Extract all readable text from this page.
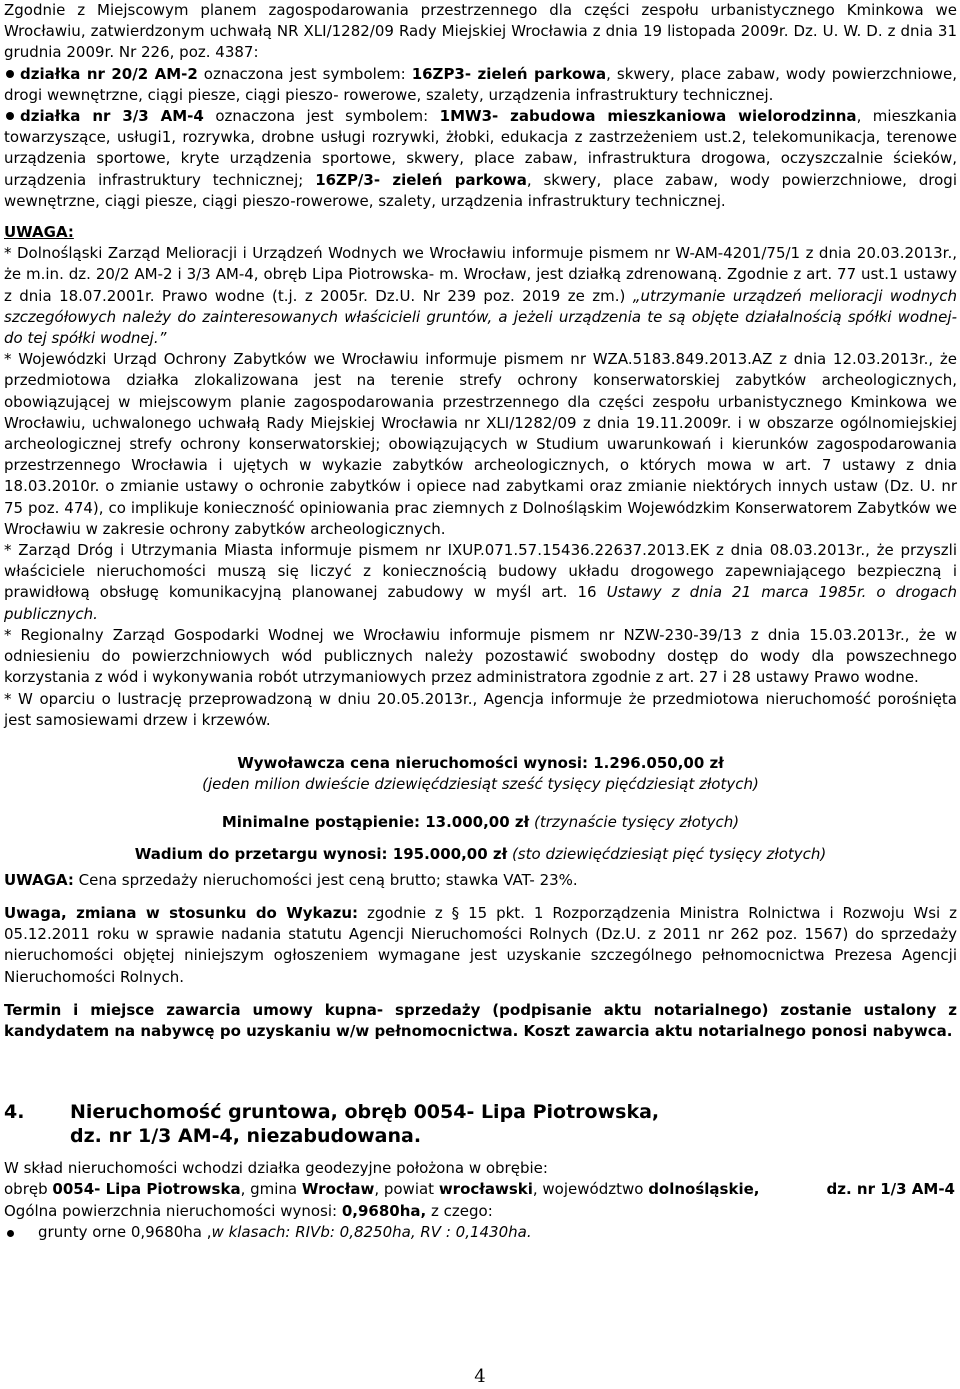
Zgodnie z Miejscowym planem zagospodarowania przestrzennego dla części zespołu urbanistycznego Kminkowa we Wrocławiu, zatwierdzonym uchwałą NR XLI/1282/09 Rady Miejskiej Wrocławia z dnia 19 listopada 2009r. Dz. U. W. D. z dnia 31 grudnia 2009r. Nr 226, poz. 4387:

działka nr 20/2 AM-2 oznaczona jest symbolem: 16ZP3- zieleń parkowa, skwery, place zabaw, wody powierzchniowe, drogi wewnętrzne, ciągi piesze, ciągi pieszo- rowerowe, szalety, urządzenia infrastruktury technicznej.

działka nr 3/3 AM-4 oznaczona jest symbolem: 1MW3- zabudowa mieszkaniowa wielorodzinna, mieszkania towarzyszące, usługi1, rozrywka, drobne usługi rozrywki, żłobki, edukacja z zastrzeżeniem ust.2, telekomunikacja, terenowe urządzenia sportowe, kryte urządzenia sportowe, skwery, place zabaw, infrastruktura drogowa, oczyszczalnie ścieków, urządzenia infrastruktury technicznej; 16ZP/3- zieleń parkowa, skwery, place zabaw, wody powierzchniowe, drogi wewnętrzne, ciągi piesze, ciągi pieszo-rowerowe, szalety, urządzenia infrastruktury technicznej.

UWAGA:

* Dolnośląski Zarząd Melioracji i Urządzeń Wodnych we Wrocławiu informuje pismem nr W-AM-4201/75/1 z dnia 20.03.2013r., że m.in. dz. 20/2 AM-2 i 3/3 AM-4, obręb Lipa Piotrowska- m. Wrocław, jest działką zdrenowaną. Zgodnie z art. 77 ust.1 ustawy z dnia 18.07.2001r. Prawo wodne (t.j. z 2005r. Dz.U. Nr 239 poz. 2019 ze zm.) „utrzymanie urządzeń melioracji wodnych szczegółowych należy do zainteresowanych właścicieli gruntów, a jeżeli urządzenia te są objęte działalnością spółki wodnej- do tej spółki wodnej.”

* Wojewódzki Urząd Ochrony Zabytków we Wrocławiu informuje pismem nr WZA.5183.849.2013.AZ z dnia 12.03.2013r., że przedmiotowa działka zlokalizowana jest na terenie strefy ochrony konserwatorskiej zabytków archeologicznych, obowiązującej w miejscowym planie zagospodarowania przestrzennego dla części zespołu urbanistycznego Kminkowa we Wrocławiu, uchwalonego uchwałą Rady Miejskiej Wrocławia nr XLI/1282/09 z dnia 19.11.2009r. i w obszarze ogólnomiejskiej archeologicznej strefy ochrony konserwatorskiej; obowiązujących w Studium uwarunkowań i kierunków zagospodarowania przestrzennego Wrocławia i ujętych w wykazie zabytków archeologicznych, o których mowa w art. 7 ustawy z dnia 18.03.2010r. o zmianie ustawy o ochronie zabytków i opiece nad zabytkami oraz zmianie niektórych innych ustaw (Dz. U. nr 75 poz. 474), co implikuje konieczność opiniowania prac ziemnych z Dolnośląskim Wojewódzkim Konserwatorem Zabytków we Wrocławiu w zakresie ochrony zabytków archeologicznych.

* Zarząd Dróg i Utrzymania Miasta informuje pismem nr IXUP.071.57.15436.22637.2013.EK z dnia 08.03.2013r., że przyszli właściciele nieruchomości muszą się liczyć z koniecznością budowy układu drogowego zapewniającego bezpieczną i prawidłową obsługę komunikacyjną planowanej zabudowy w myśl art. 16 Ustawy z dnia 21 marca 1985r. o drogach publicznych.

* Regionalny Zarząd Gospodarki Wodnej we Wrocławiu informuje pismem nr NZW-230-39/13 z dnia 15.03.2013r., że w odniesieniu do powierzchniowych wód publicznych należy pozostawić swobodny dostęp do wody dla powszechnego korzystania z wód i wykonywania robót utrzymaniowych przez administratora zgodnie z art. 27 i 28 ustawy Prawo wodne.

* W oparciu o lustrację przeprowadzoną w dniu 20.05.2013r., Agencja informuje że przedmiotowa nieruchomość porośnięta jest samosiewami drzew i krzewów.

Wywoławcza cena nieruchomości wynosi: 1.296.050,00 zł

(jeden milion dwieście dziewięćdziesiąt sześć tysięcy pięćdziesiąt złotych)

Minimalne postąpienie: 13.000,00 zł (trzynaście tysięcy złotych)

Wadium do przetargu wynosi: 195.000,00 zł (sto dziewięćdziesiąt pięć tysięcy złotych)

UWAGA: Cena sprzedaży nieruchomości jest ceną brutto; stawka VAT- 23%.

Uwaga, zmiana w stosunku do Wykazu: zgodnie z § 15 pkt. 1 Rozporządzenia Ministra Rolnictwa i Rozwoju Wsi z 05.12.2011 roku w sprawie nadania statutu Agencji Nieruchomości Rolnych (Dz.U. z 2011 nr 262 poz. 1567) do sprzedaży nieruchomości objętej niniejszym ogłoszeniem wymagane jest uzyskanie szczególnego pełnomocnictwa Prezesa Agencji Nieruchomości Rolnych.

Termin i miejsce zawarcia umowy kupna- sprzedaży (podpisanie aktu notarialnego) zostanie ustalony z kandydatem na nabywcę po uzyskaniu w/w pełnomocnictwa. Koszt zawarcia aktu notarialnego ponosi nabywca.

4.	Nieruchomość gruntowa, obręb 0054- Lipa Piotrowska,
dz. nr 1/3 AM-4, niezabudowana.

W skład nieruchomości wchodzi działka geodezyjne położona w obrębie:

obręb 0054- Lipa Piotrowska, gmina Wrocław, powiat wrocławski, województwo dolnośląskie,	dz. nr 1/3 AM-4

Ogólna powierzchnia nieruchomości wynosi: 0,9680ha, z czego:

grunty orne 0,9680ha ,w klasach: RIVb: 0,8250ha, RV : 0,1430ha.
4
